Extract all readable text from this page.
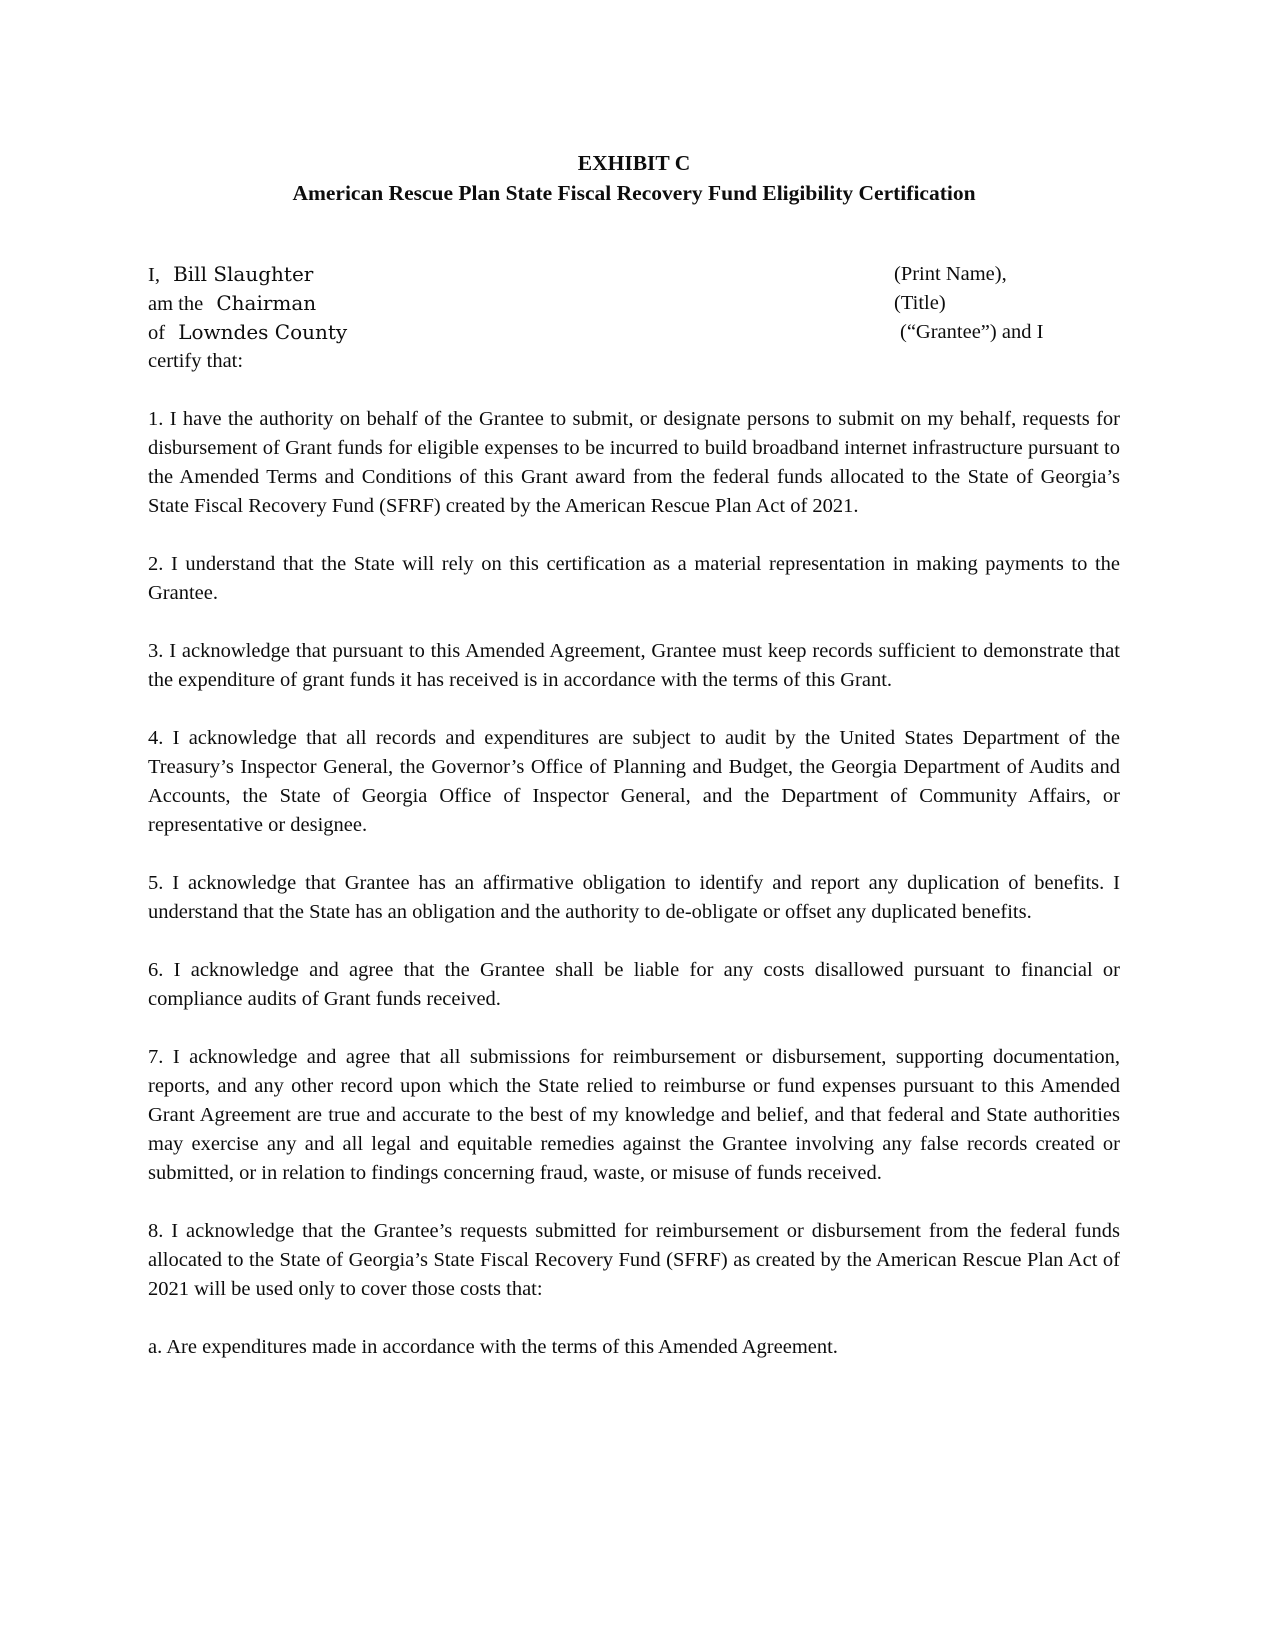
EXHIBIT C
American Rescue Plan State Fiscal Recovery Fund Eligibility Certification
I, Bill Slaughter	(Print Name),
am the Chairman	(Title)
of Lowndes County	(“Grantee”) and I
certify that:

1. I have the authority on behalf of the Grantee to submit, or designate persons to submit on my behalf, requests for disbursement of Grant funds for eligible expenses to be incurred to build broadband internet infrastructure pursuant to the Amended Terms and Conditions of this Grant award from the federal funds allocated to the State of Georgia’s State Fiscal Recovery Fund (SFRF) created by the American Rescue Plan Act of 2021.

2. I understand that the State will rely on this certification as a material representation in making payments to the Grantee.

3. I acknowledge that pursuant to this Amended Agreement, Grantee must keep records sufficient to demonstrate that the expenditure of grant funds it has received is in accordance with the terms of this Grant.

4. I acknowledge that all records and expenditures are subject to audit by the United States Department of the Treasury’s Inspector General, the Governor’s Office of Planning and Budget, the Georgia Department of Audits and Accounts, the State of Georgia Office of Inspector General, and the Department of Community Affairs, or representative or designee.

5. I acknowledge that Grantee has an affirmative obligation to identify and report any duplication of benefits. I understand that the State has an obligation and the authority to de-obligate or offset any duplicated benefits.

6. I acknowledge and agree that the Grantee shall be liable for any costs disallowed pursuant to financial or compliance audits of Grant funds received.

7. I acknowledge and agree that all submissions for reimbursement or disbursement, supporting documentation, reports, and any other record upon which the State relied to reimburse or fund expenses pursuant to this Amended Grant Agreement are true and accurate to the best of my knowledge and belief, and that federal and State authorities may exercise any and all legal and equitable remedies against the Grantee involving any false records created or submitted, or in relation to findings concerning fraud, waste, or misuse of funds received.

8. I acknowledge that the Grantee’s requests submitted for reimbursement or disbursement from the federal funds allocated to the State of Georgia’s State Fiscal Recovery Fund (SFRF) as created by the American Rescue Plan Act of 2021 will be used only to cover those costs that:

a. Are expenditures made in accordance with the terms of this Amended Agreement.
